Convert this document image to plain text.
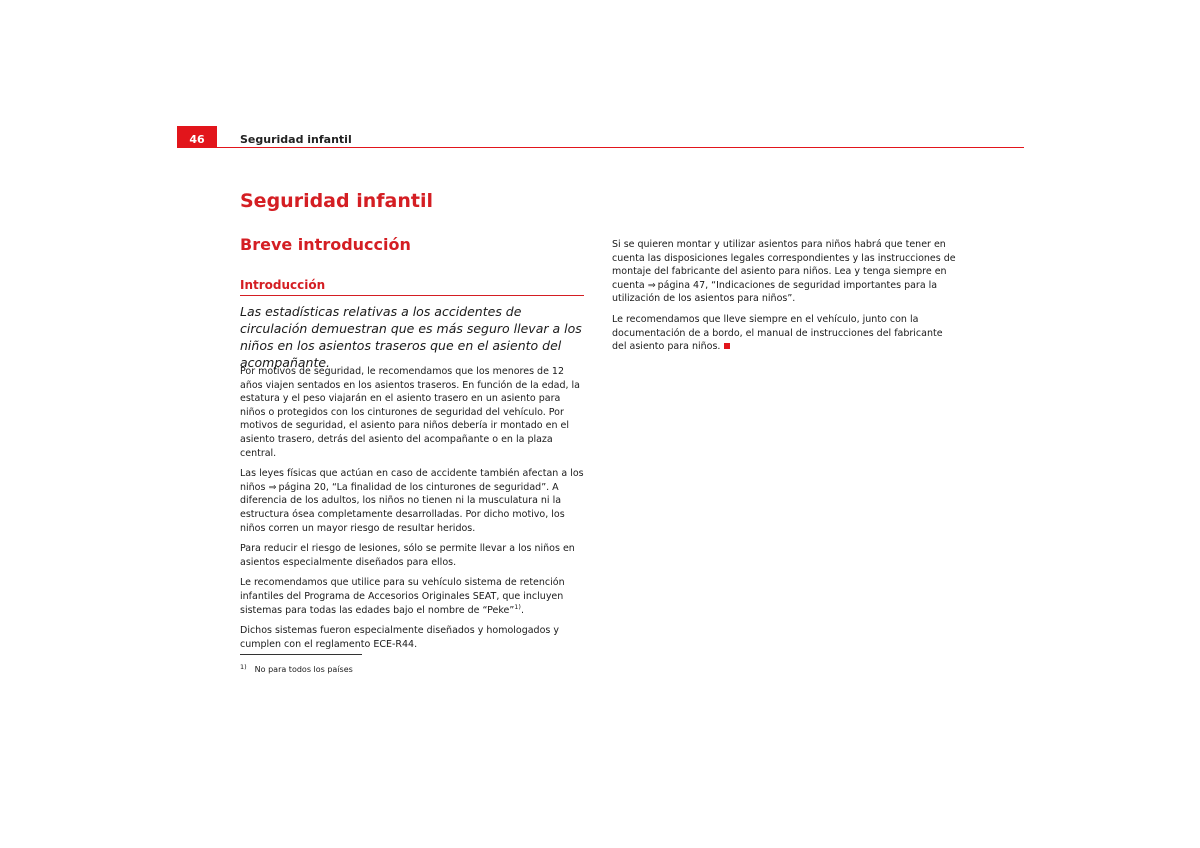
46	Seguridad infantil
Seguridad infantil
Breve introducción
Introducción

Las estadísticas relativas a los accidentes de circulación demuestran que es más seguro llevar a los niños en los asientos traseros que en el asiento del acompañante.

Por motivos de seguridad, le recomendamos que los menores de 12 años viajen sentados en los asientos traseros. En función de la edad, la estatura y el peso viajarán en el asiento trasero en un asiento para niños o protegidos con los cinturones de seguridad del vehículo. Por motivos de seguridad, el asiento para niños debería ir montado en el asiento trasero, detrás del asiento del acompañante o en la plaza central.

Las leyes físicas que actúan en caso de accidente también afectan a los niños ⇒ página 20, “La finalidad de los cinturones de seguridad”. A diferencia de los adultos, los niños no tienen ni la musculatura ni la estructura ósea completamente desarrolladas. Por dicho motivo, los niños corren un mayor riesgo de resultar heridos.

Para reducir el riesgo de lesiones, sólo se permite llevar a los niños en asientos especialmente diseñados para ellos.

Le recomendamos que utilice para su vehículo sistema de retención infantiles del Programa de Accesorios Originales SEAT, que incluyen sistemas para todas las edades bajo el nombre de “Peke”$^{1)}$.

Dichos sistemas fueron especialmente diseñados y homologados y cumplen con el reglamento ECE-R44.

$^{1)}$ No para todos los países

Si se quieren montar y utilizar asientos para niños habrá que tener en cuenta las disposiciones legales correspondientes y las instrucciones de montaje del fabricante del asiento para niños. Lea y tenga siempre en cuenta ⇒ página 47, “Indicaciones de seguridad importantes para la utilización de los asientos para niños”.

Le recomendamos que lleve siempre en el vehículo, junto con la documentación de a bordo, el manual de instrucciones del fabricante del asiento para niños.
